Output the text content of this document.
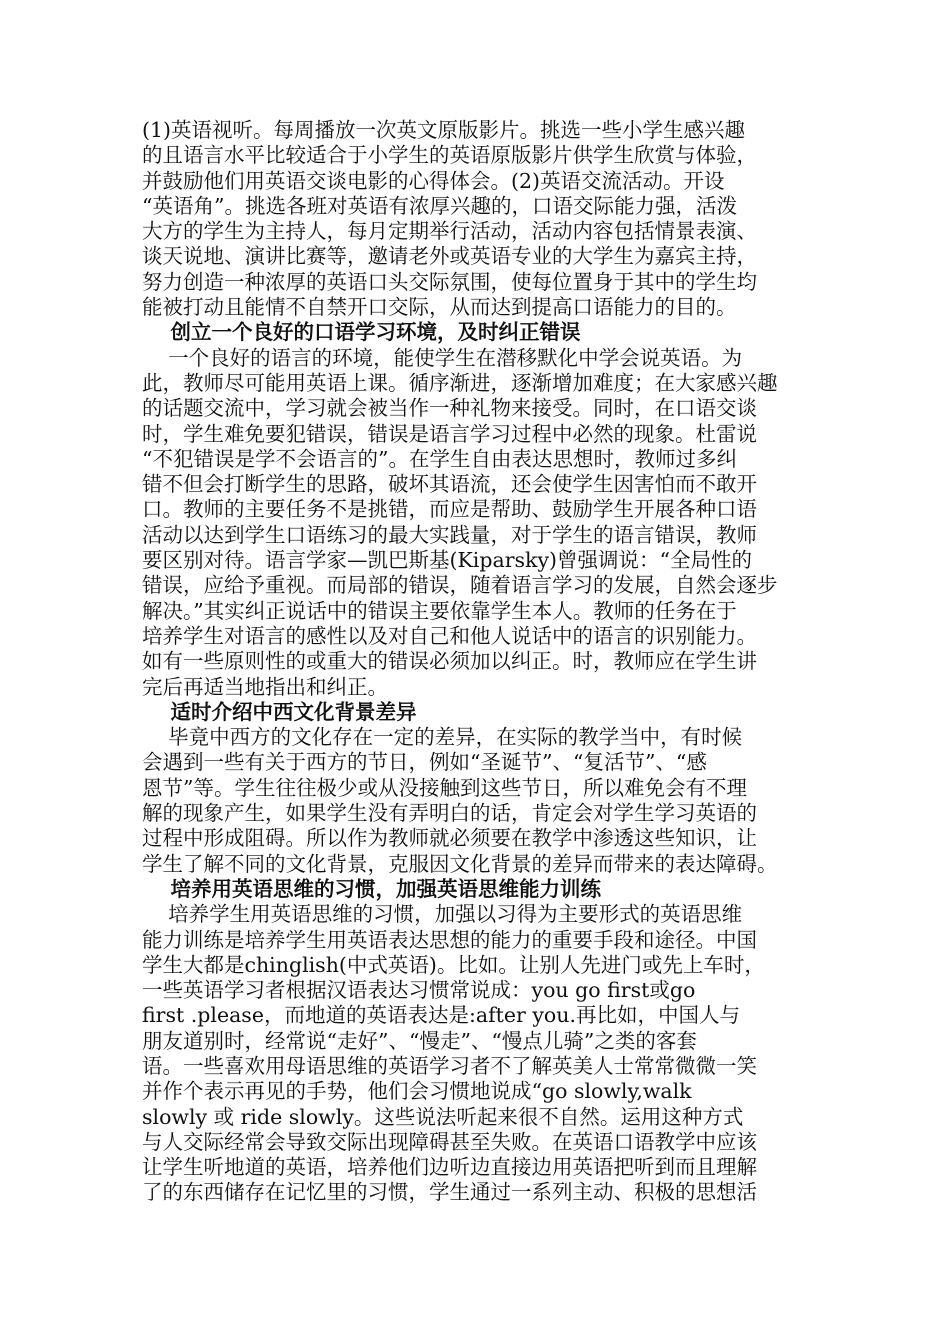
(1)英语视听。每周播放一次英文原版影片。挑选一些小学生感兴趣
的且语言水平比较适合于小学生的英语原版影片供学生欣赏与体验，
并鼓励他们用英语交谈电影的心得体会。(2)英语交流活动。开设
“英语角”。挑选各班对英语有浓厚兴趣的，口语交际能力强，活泼
大方的学生为主持人，每月定期举行活动，活动内容包括情景表演、
谈天说地、演讲比赛等，邀请老外或英语专业的大学生为嘉宾主持，
努力创造一种浓厚的英语口头交际氛围，使每位置身于其中的学生均
能被打动且能情不自禁开口交际，从而达到提高口语能力的目的。
创立一个良好的口语学习环境，及时纠正错误
一个良好的语言的环境，能使学生在潜移默化中学会说英语。为
此，教师尽可能用英语上课。循序渐进，逐渐增加难度；在大家感兴趣
的话题交流中，学习就会被当作一种礼物来接受。同时，在口语交谈
时，学生难免要犯错误，错误是语言学习过程中必然的现象。杜雷说
“不犯错误是学不会语言的”。在学生自由表达思想时，教师过多纠
错不但会打断学生的思路，破坏其语流，还会使学生因害怕而不敢开
口。教师的主要任务不是挑错，而应是帮助、鼓励学生开展各种口语
活动以达到学生口语练习的最大实践量，对于学生的语言错误，教师
要区别对待。语言学家—凯巴斯基(Kiparsky)曾强调说：“全局性的
错误，应给予重视。而局部的错误，随着语言学习的发展，自然会逐步
解决。”其实纠正说话中的错误主要依靠学生本人。教师的任务在于
培养学生对语言的感性以及对自己和他人说话中的语言的识别能力。
如有一些原则性的或重大的错误必须加以纠正。时，教师应在学生讲
完后再适当地指出和纠正。
适时介绍中西文化背景差异
毕竟中西方的文化存在一定的差异，在实际的教学当中，有时候
会遇到一些有关于西方的节日，例如“圣诞节”、“复活节”、“感
恩节”等。学生往往极少或从没接触到这些节日，所以难免会有不理
解的现象产生，如果学生没有弄明白的话，肯定会对学生学习英语的
过程中形成阻碍。所以作为教师就必须要在教学中渗透这些知识，让
学生了解不同的文化背景，克服因文化背景的差异而带来的表达障碍。
培养用英语思维的习惯，加强英语思维能力训练
培养学生用英语思维的习惯，加强以习得为主要形式的英语思维
能力训练是培养学生用英语表达思想的能力的重要手段和途径。中国
学生大都是chinglish(中式英语)。比如。让别人先进门或先上车时，
一些英语学习者根据汉语表达习惯常说成：you go first或go
first .please，而地道的英语表达是:after you.再比如，中国人与
朋友道别时，经常说“走好”、“慢走”、“慢点儿骑”之类的客套
语。一些喜欢用母语思维的英语学习者不了解英美人士常常微微一笑
并作个表示再见的手势，他们会习惯地说成“go slowly,walk
slowly 或 ride slowly。这些说法听起来很不自然。运用这种方式
与人交际经常会导致交际出现障碍甚至失败。在英语口语教学中应该
让学生听地道的英语，培养他们边听边直接边用英语把听到而且理解
了的东西储存在记忆里的习惯，学生通过一系列主动、积极的思想活
